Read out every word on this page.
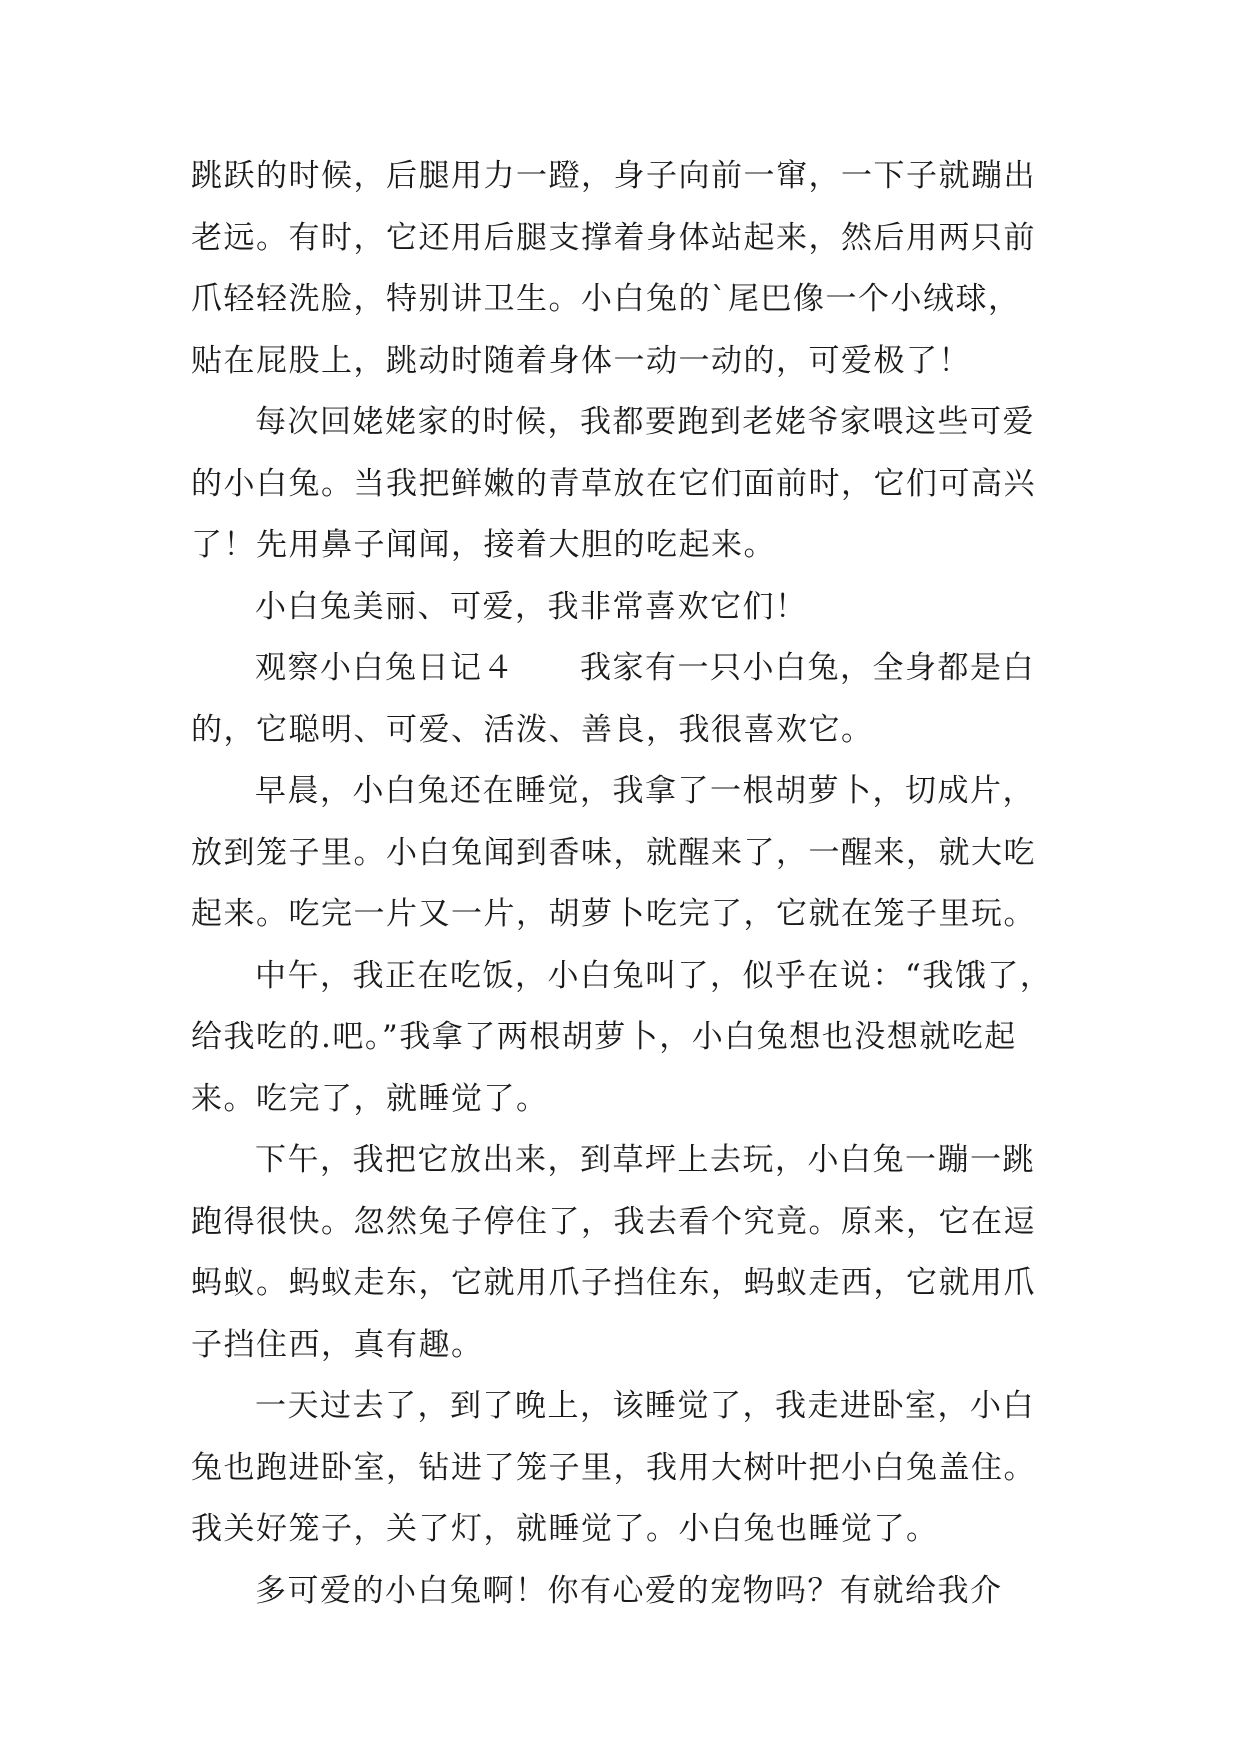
跳跃的时候，后腿用力一蹬，身子向前一窜，一下子就蹦出
老远。有时，它还用后腿支撑着身体站起来，然后用两只前
爪轻轻洗脸，特别讲卫生。小白兔的`尾巴像一个小绒球，
贴在屁股上，跳动时随着身体一动一动的，可爱极了！
每次回姥姥家的时候，我都要跑到老姥爷家喂这些可爱
的小白兔。当我把鲜嫩的青草放在它们面前时，它们可高兴
了！先用鼻子闻闻，接着大胆的吃起来。
小白兔美丽、可爱，我非常喜欢它们！
观察小白兔日记４　　我家有一只小白兔，全身都是白
的，它聪明、可爱、活泼、善良，我很喜欢它。
早晨，小白兔还在睡觉，我拿了一根胡萝卜，切成片，
放到笼子里。小白兔闻到香味，就醒来了，一醒来，就大吃
起来。吃完一片又一片，胡萝卜吃完了，它就在笼子里玩。
中午，我正在吃饭，小白兔叫了，似乎在说：“我饿了，
给我吃的.吧。”我拿了两根胡萝卜，小白兔想也没想就吃起
来。吃完了，就睡觉了。
下午，我把它放出来，到草坪上去玩，小白兔一蹦一跳
跑得很快。忽然兔子停住了，我去看个究竟。原来，它在逗
蚂蚁。蚂蚁走东，它就用爪子挡住东，蚂蚁走西，它就用爪
子挡住西，真有趣。
一天过去了，到了晚上，该睡觉了，我走进卧室，小白
兔也跑进卧室，钻进了笼子里，我用大树叶把小白兔盖住。
我关好笼子，关了灯，就睡觉了。小白兔也睡觉了。
多可爱的小白兔啊！你有心爱的宠物吗？有就给我介
